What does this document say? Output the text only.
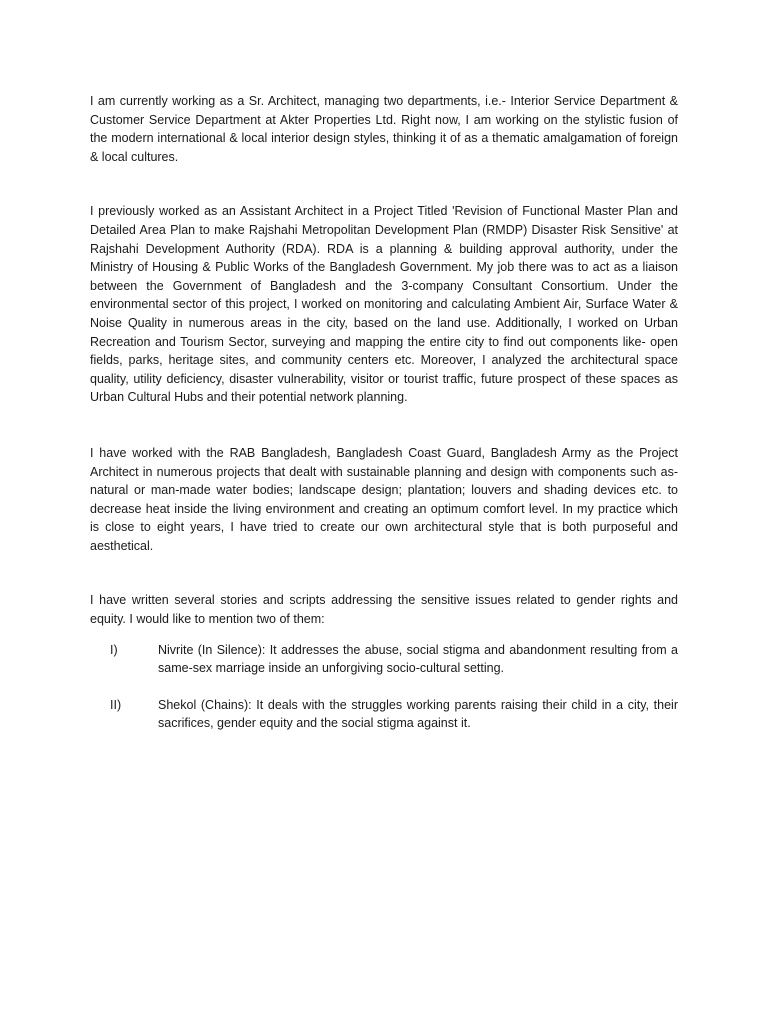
I am currently working as a Sr. Architect, managing two departments, i.e.- Interior Service Department & Customer Service Department at Akter Properties Ltd. Right now, I am working on the stylistic fusion of the modern international & local interior design styles, thinking it of as a thematic amalgamation of foreign & local cultures.

I previously worked as an Assistant Architect in a Project Titled 'Revision of Functional Master Plan and Detailed Area Plan to make Rajshahi Metropolitan Development Plan (RMDP) Disaster Risk Sensitive' at Rajshahi Development Authority (RDA). RDA is a planning & building approval authority, under the Ministry of Housing & Public Works of the Bangladesh Government. My job there was to act as a liaison between the Government of Bangladesh and the 3-company Consultant Consortium. Under the environmental sector of this project, I worked on monitoring and calculating Ambient Air, Surface Water & Noise Quality in numerous areas in the city, based on the land use. Additionally, I worked on Urban Recreation and Tourism Sector, surveying and mapping the entire city to find out components like- open fields, parks, heritage sites, and community centers etc. Moreover, I analyzed the architectural space quality, utility deficiency, disaster vulnerability, visitor or tourist traffic, future prospect of these spaces as Urban Cultural Hubs and their potential network planning.

I have worked with the RAB Bangladesh, Bangladesh Coast Guard, Bangladesh Army as the Project Architect in numerous projects that dealt with sustainable planning and design with components such as- natural or man-made water bodies; landscape design; plantation; louvers and shading devices etc. to decrease heat inside the living environment and creating an optimum comfort level. In my practice which is close to eight years, I have tried to create our own architectural style that is both purposeful and aesthetical.

I have written several stories and scripts addressing the sensitive issues related to gender rights and equity. I would like to mention two of them:

I)	Nivrite (In Silence): It addresses the abuse, social stigma and abandonment resulting from a same-sex marriage inside an unforgiving socio-cultural setting.
II)	Shekol (Chains): It deals with the struggles working parents raising their child in a city, their sacrifices, gender equity and the social stigma against it.
